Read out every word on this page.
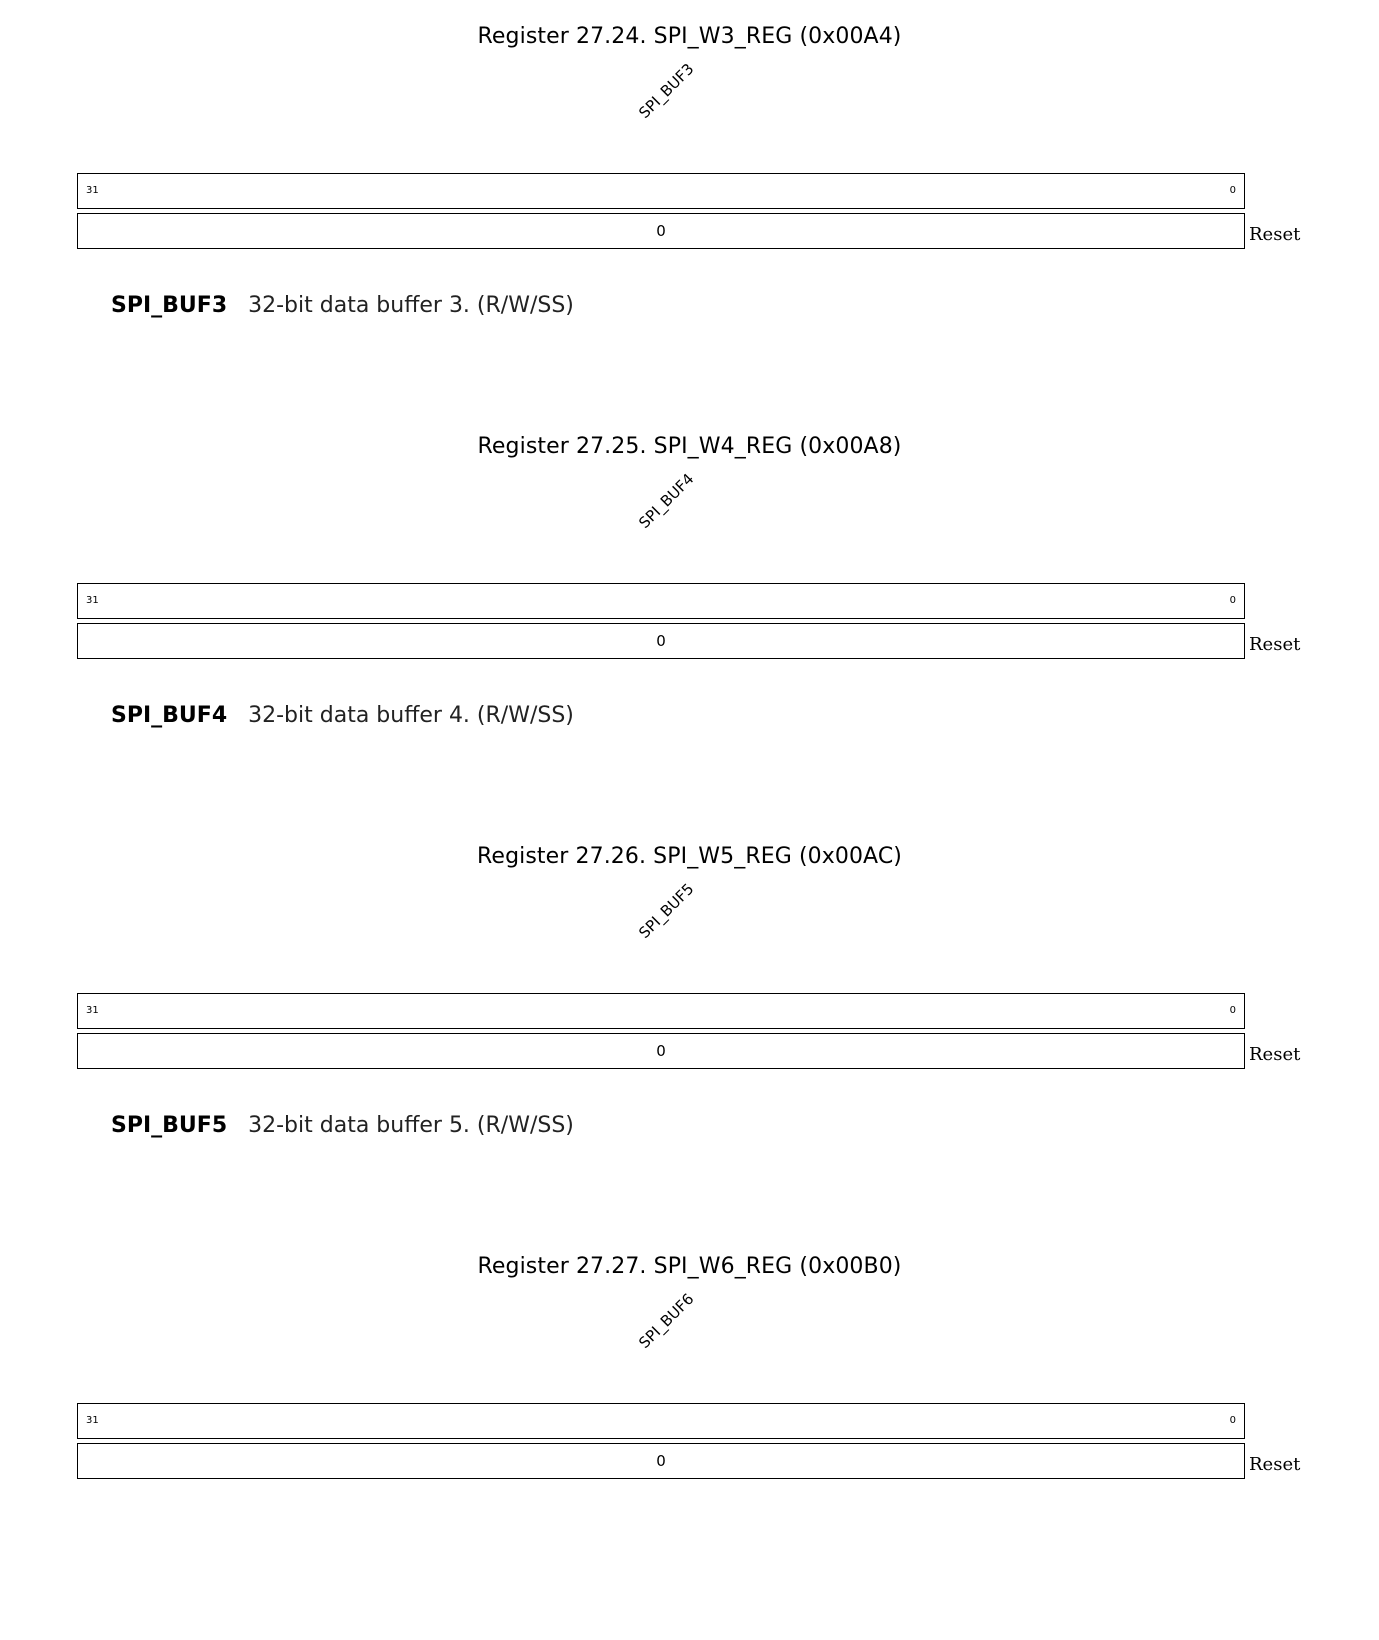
Register 27.24. SPI_W3_REG (0x00A4)
SPI_BUF3
31	0
0	Reset
SPI_BUF3 32-bit data buffer 3. (R/W/SS)
Register 27.25. SPI_W4_REG (0x00A8)
SPI_BUF4
31	0
0	Reset
SPI_BUF4 32-bit data buffer 4. (R/W/SS)
Register 27.26. SPI_W5_REG (0x00AC)
SPI_BUF5
31	0
0	Reset
SPI_BUF5 32-bit data buffer 5. (R/W/SS)
Register 27.27. SPI_W6_REG (0x00B0)
SPI_BUF6
31	0
0	Reset
